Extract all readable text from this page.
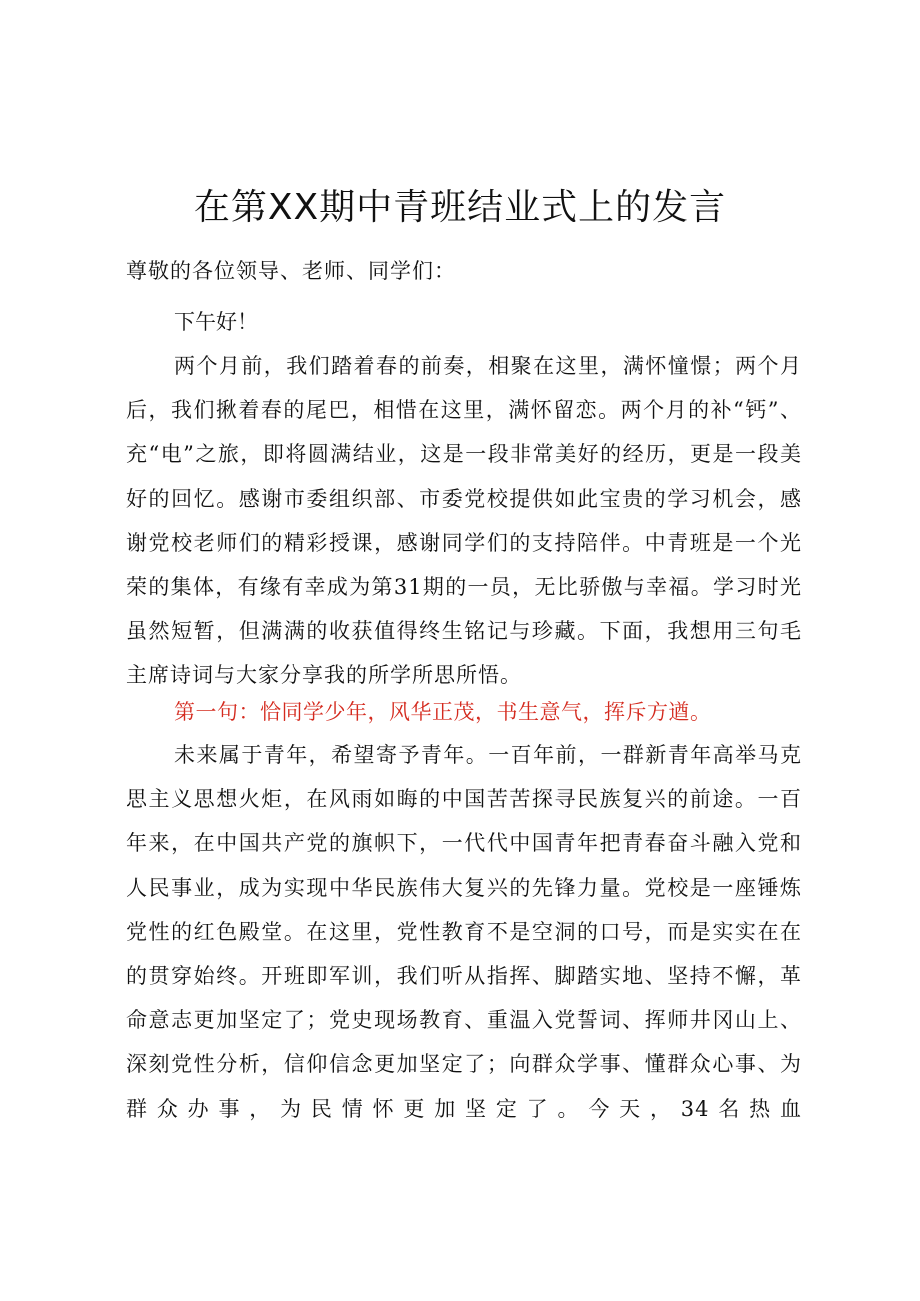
在第XX期中青班结业式上的发言
尊敬的各位领导、老师、同学们：
下午好！

两个月前，我们踏着春的前奏，相聚在这里，满怀憧憬；两个月后，我们揪着春的尾巴，相惜在这里，满怀留恋。两个月的补“钙”、充“电”之旅，即将圆满结业，这是一段非常美好的经历，更是一段美好的回忆。感谢市委组织部、市委党校提供如此宝贵的学习机会，感谢党校老师们的精彩授课，感谢同学们的支持陪伴。中青班是一个光荣的集体，有缘有幸成为第31期的一员，无比骄傲与幸福。学习时光虽然短暂，但满满的收获值得终生铭记与珍藏。下面，我想用三句毛主席诗词与大家分享我的所学所思所悟。

第一句：恰同学少年，风华正茂，书生意气，挥斥方遒。

未来属于青年，希望寄予青年。一百年前，一群新青年高举马克思主义思想火炬，在风雨如晦的中国苦苦探寻民族复兴的前途。一百年来，在中国共产党的旗帜下，一代代中国青年把青春奋斗融入党和人民事业，成为实现中华民族伟大复兴的先锋力量。党校是一座锤炼党性的红色殿堂。在这里，党性教育不是空洞的口号，而是实实在在的贯穿始终。开班即军训，我们听从指挥、脚踏实地、坚持不懈，革命意志更加坚定了；党史现场教育、重温入党誓词、挥师井冈山上、深刻党性分析，信仰信念更加坚定了；向群众学事、懂群众心事、为群众办事，为民情怀更加坚定了。今天，34名热血
